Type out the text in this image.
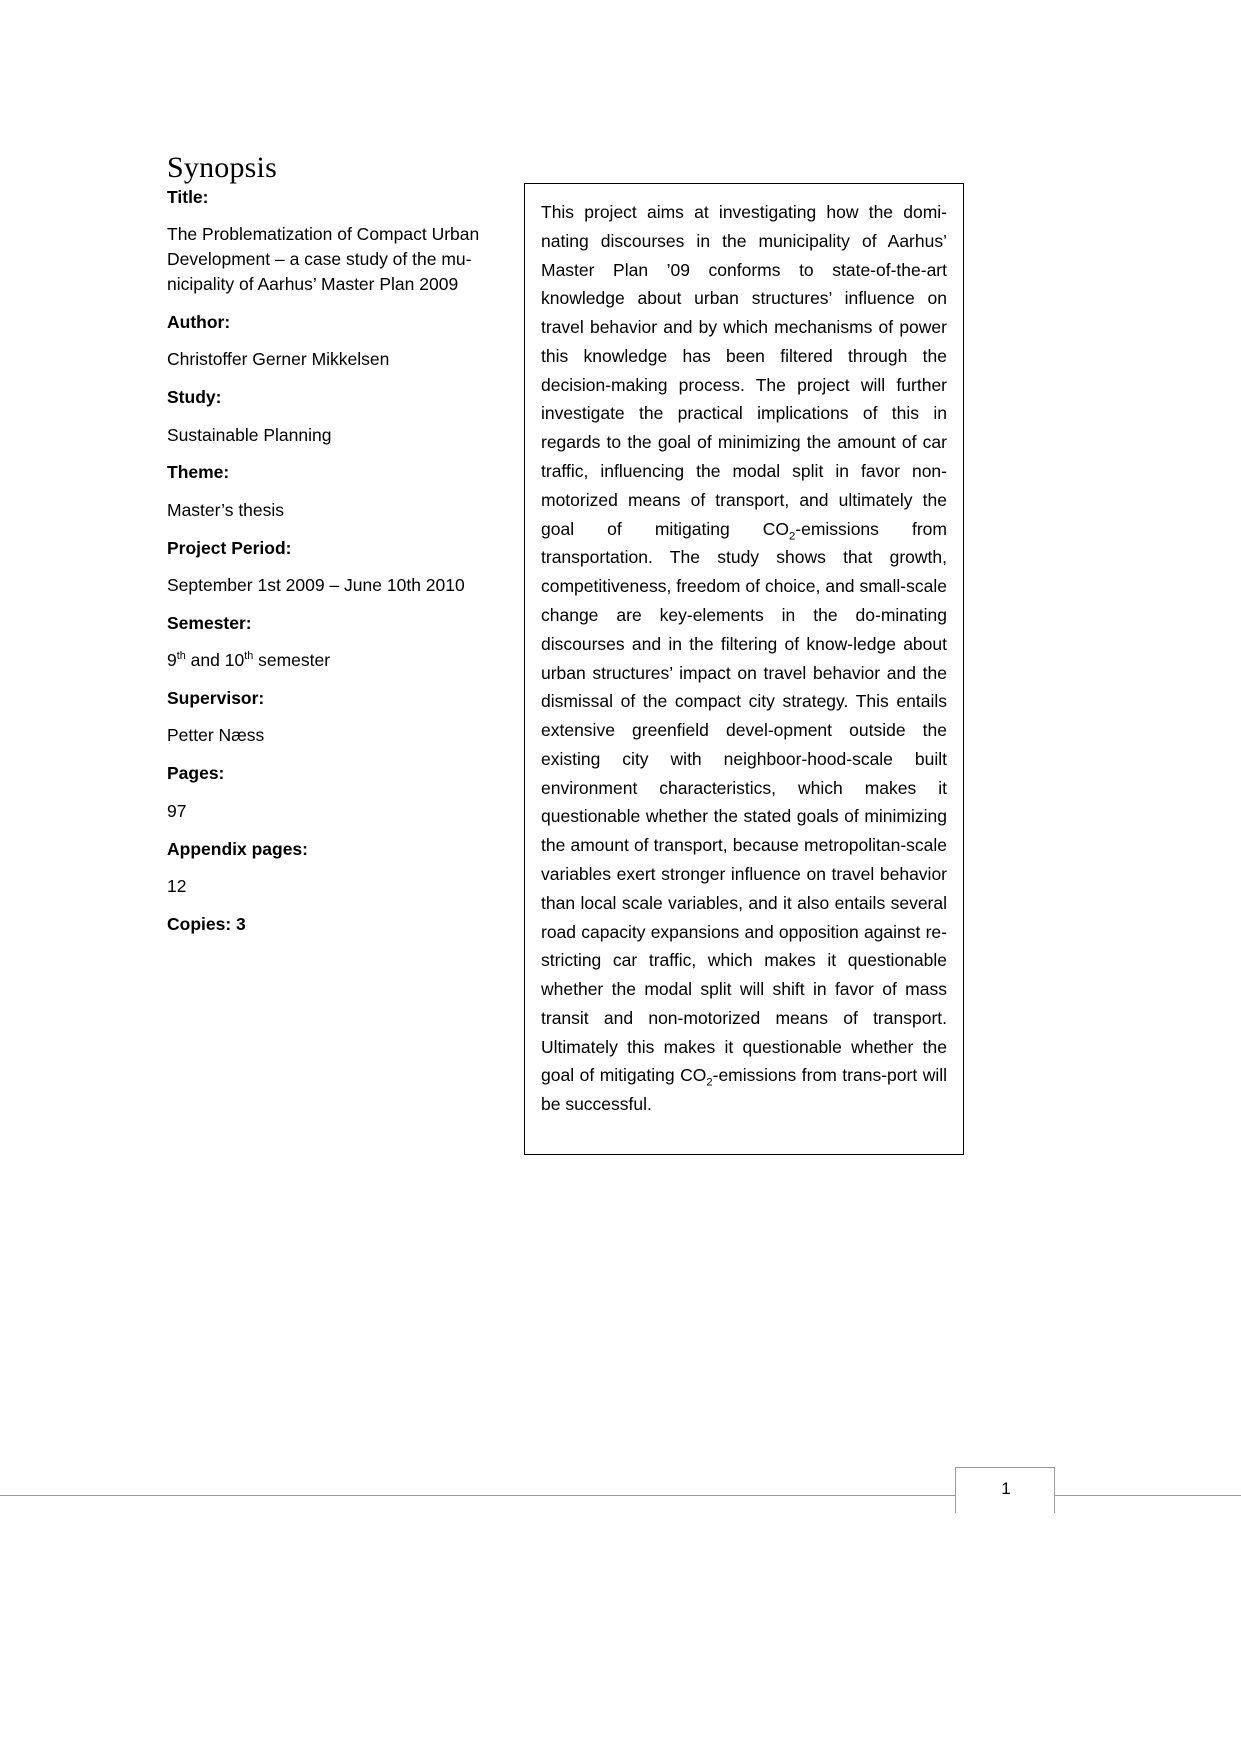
Synopsis

Title:

The Problematization of Compact Urban
Development – a case study of the mu-
nicipality of Aarhus’ Master Plan 2009

Author:

Christoffer Gerner Mikkelsen

Study:

Sustainable Planning

Theme:

Master’s thesis

Project Period:

September 1st 2009 – June 10th 2010

Semester:

9th and 10th semester

Supervisor:

Petter Næss

Pages:

97

Appendix pages:

12

Copies: 3

This project aims at investigating how the domi-nating discourses in the municipality of Aarhus’ Master Plan ’09 conforms to state-of-the-art knowledge about urban structures’ influence on travel behavior and by which mechanisms of power this knowledge has been filtered through the decision-making process. The project will further investigate the practical implications of this in regards to the goal of minimizing the amount of car traffic, influencing the modal split in favor non-motorized means of transport, and ultimately the goal of mitigating $CO_2$-emissions from transportation. The study shows that growth, competitiveness, freedom of choice, and small-scale change are key-elements in the do-minating discourses and in the filtering of know-ledge about urban structures’ impact on travel behavior and the dismissal of the compact city strategy. This entails extensive greenfield devel-opment outside the existing city with neighboor-hood-scale built environment characteristics, which makes it questionable whether the stated goals of minimizing the amount of transport, because metropolitan-scale variables exert stronger influence on travel behavior than local scale variables, and it also entails several road capacity expansions and opposition against re-stricting car traffic, which makes it questionable whether the modal split will shift in favor of mass transit and non-motorized means of transport. Ultimately this makes it questionable whether the goal of mitigating $CO_2$-emissions from trans-port will be successful.

1
